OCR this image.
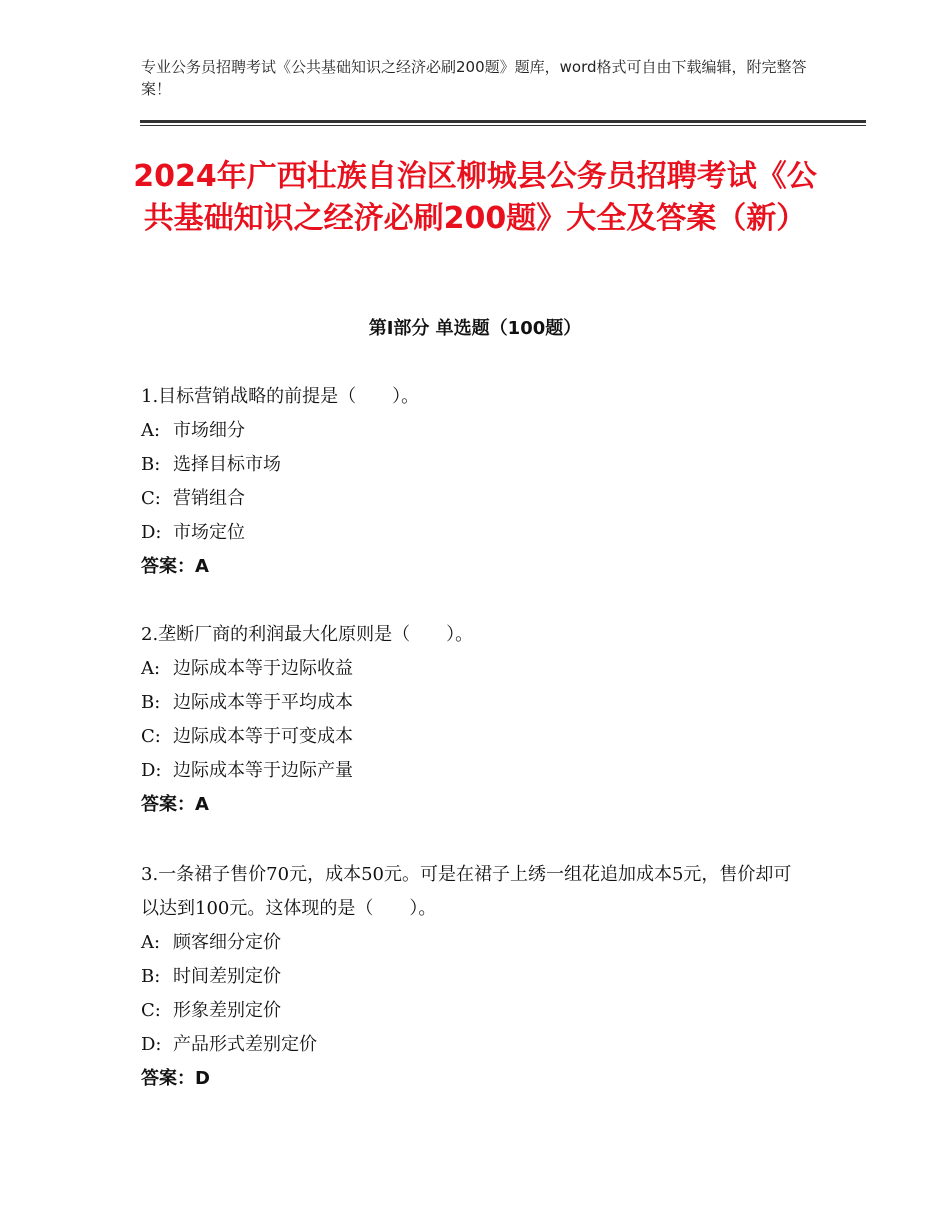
专业公务员招聘考试《公共基础知识之经济必刷200题》题库，word格式可自由下载编辑，附完整答案！
2024年广西壮族自治区柳城县公务员招聘考试《公共基础知识之经济必刷200题》大全及答案（新）
第Ⅰ部分 单选题（100题）
1.目标营销战略的前提是（　　）。
A: 市场细分
B: 选择目标市场
C: 营销组合
D: 市场定位
答案：A
2.垄断厂商的利润最大化原则是（　　）。
A: 边际成本等于边际收益
B: 边际成本等于平均成本
C: 边际成本等于可变成本
D: 边际成本等于边际产量
答案：A
3.一条裙子售价70元，成本50元。可是在裙子上绣一组花追加成本5元，售价却可以达到100元。这体现的是（　　）。
A: 顾客细分定价
B: 时间差别定价
C: 形象差别定价
D: 产品形式差别定价
答案：D
